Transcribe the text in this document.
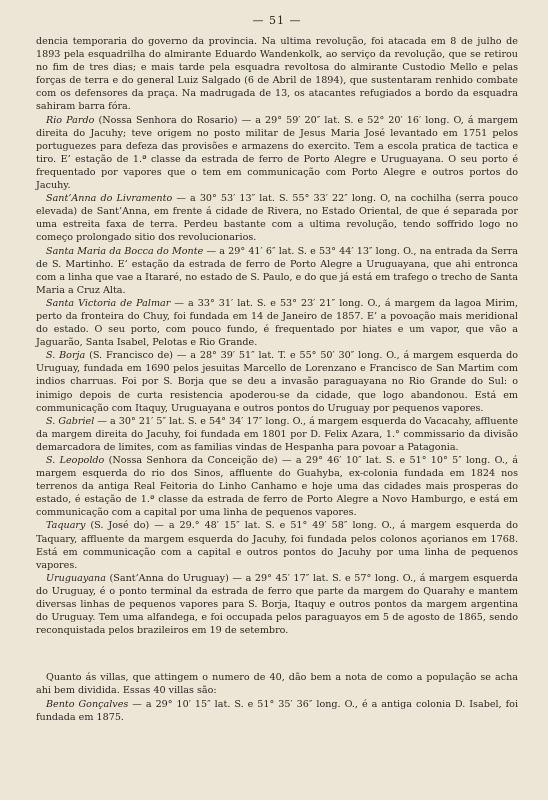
— 51 —

dencia temporaria do governo da provincia. Na ultima revolução, foi atacada em 8 de julho de 1893 pela esquadrilha do almirante Eduardo Wandenkolk, ao serviço da revolução, que se retirou no fim de tres dias; e mais tarde pela esquadra revoltosa do almirante Custodio Mello e pelas forças de terra e do general Luiz Salgado (6 de Abril de 1894), que sustentaram renhido combate com os defensores da praça. Na madrugada de 13, os atacantes refugiados a bordo da esquadra sahiram barra fóra.

Rio Pardo (Nossa Senhora do Rosario) — a 29° 59′ 20″ lat. S. e 52° 20′ 16′ long. O, á margem direita do Jacuhy; teve origem no posto militar de Jesus Maria José levantado em 1751 pelos portuguezes para defeza das provisões e armazens do exercito. Tem a escola pratica de tactica e tiro. E’ estação de 1.ª classe da estrada de ferro de Porto Alegre e Uruguayana. O seu porto é frequentado por vapores que o tem em communicação com Porto Alegre e outros portos do Jacuhy.

Sant’Anna do Livramento — a 30° 53′ 13″ lat. S. 55° 33′ 22″ long. O, na cochilha (serra pouco elevada) de Sant’Anna, em frente á cidade de Rivera, no Estado Oriental, de que é separada por uma estreita faxa de terra. Perdeu bastante com a ultima revolução, tendo soffrido logo no começo prolongado sitio dos revolucionarios.

Santa Maria da Bocca do Monte — a 29° 41′ 6″ lat. S. e 53° 44′ 13″ long. O., na entrada da Serra de S. Martinho. E’ estação da estrada de ferro de Porto Alegre a Uruguayana, que ahi entronca com a linha que vae a Itararé, no estado de S. Paulo, e do que já está em trafego o trecho de Santa Maria a Cruz Alta.

Santa Victoria de Palmar — a 33° 31′ lat. S. e 53° 23′ 21″ long. O., á margem da lagoa Mirim, perto da fronteira do Chuy, foi fundada em 14 de Janeiro de 1857. E’ a povoação mais meridional do estado. O seu porto, com pouco fundo, é frequentado por hiates e um vapor, que vão a Jaguarão, Santa Isabel, Pelotas e Rio Grande.

S. Borja (S. Francisco de) — a 28° 39′ 51″ lat. T. e 55° 50′ 30″ long. O., á margem esquerda do Uruguay, fundada em 1690 pelos jesuitas Marcello de Lorenzano e Francisco de San Martim com indios charruas. Foi por S. Borja que se deu a invasão paraguayana no Rio Grande do Sul: o inimigo depois de curta resistencia apoderou-se da cidade, que logo abandonou. Está em communicação com Itaquy, Uruguayana e outros pontos do Uruguay por pequenos vapores.

S. Gabriel — a 30° 21′ 5″ lat. S. e 54° 34′ 17″ long. O., á margem esquerda do Vacacahy, affluente da margem direita do Jacuhy, foi fundada em 1801 por D. Felix Azara, 1.° commissario da divisão demarcadora de limites, com as familias vindas de Hespanha para povoar a Patagonia.

S. Leopoldo (Nossa Senhora da Conceição de) — a 29° 46′ 10″ lat. S. e 51° 10° 5″ long. O., á margem esquerda do rio dos Sinos, affluente do Guahyba, ex-colonia fundada em 1824 nos terrenos da antiga Real Feitoria do Linho Canhamo e hoje uma das cidades mais prosperas do estado, é estação de 1.ª classe da estrada de ferro de Porto Alegre a Novo Hamburgo, e está em communicação com a capital por uma linha de pequenos vapores.

Taquary (S. José do) — a 29.° 48′ 15″ lat. S. e 51° 49′ 58″ long. O., á margem esquerda do Taquary, affluente da margem esquerda do Jacuhy, foi fundada pelos colonos açorianos em 1768. Está em communicação com a capital e outros pontos do Jacuhy por uma linha de pequenos vapores.

Uruguayana (Sant’Anna do Uruguay) — a 29° 45′ 17″ lat. S. e 57° long. O., á margem esquerda do Uruguay, é o ponto terminal da estrada de ferro que parte da margem do Quarahy e mantem diversas linhas de pequenos vapores para S. Borja, Itaquy e outros pontos da margem argentina do Uruguay. Tem uma alfandega, e foi occupada pelos paraguayos em 5 de agosto de 1865, sendo reconquistada pelos brazileiros em 19 de setembro.

Quanto ás villas, que attingem o numero de 40, dão bem a nota de como a população se acha ahi bem dividida. Essas 40 villas são:

Bento Gonçalves — a 29° 10′ 15″ lat. S. e 51° 35′ 36″ long. O., é a antiga colonia D. Isabel, foi fundada em 1875.
